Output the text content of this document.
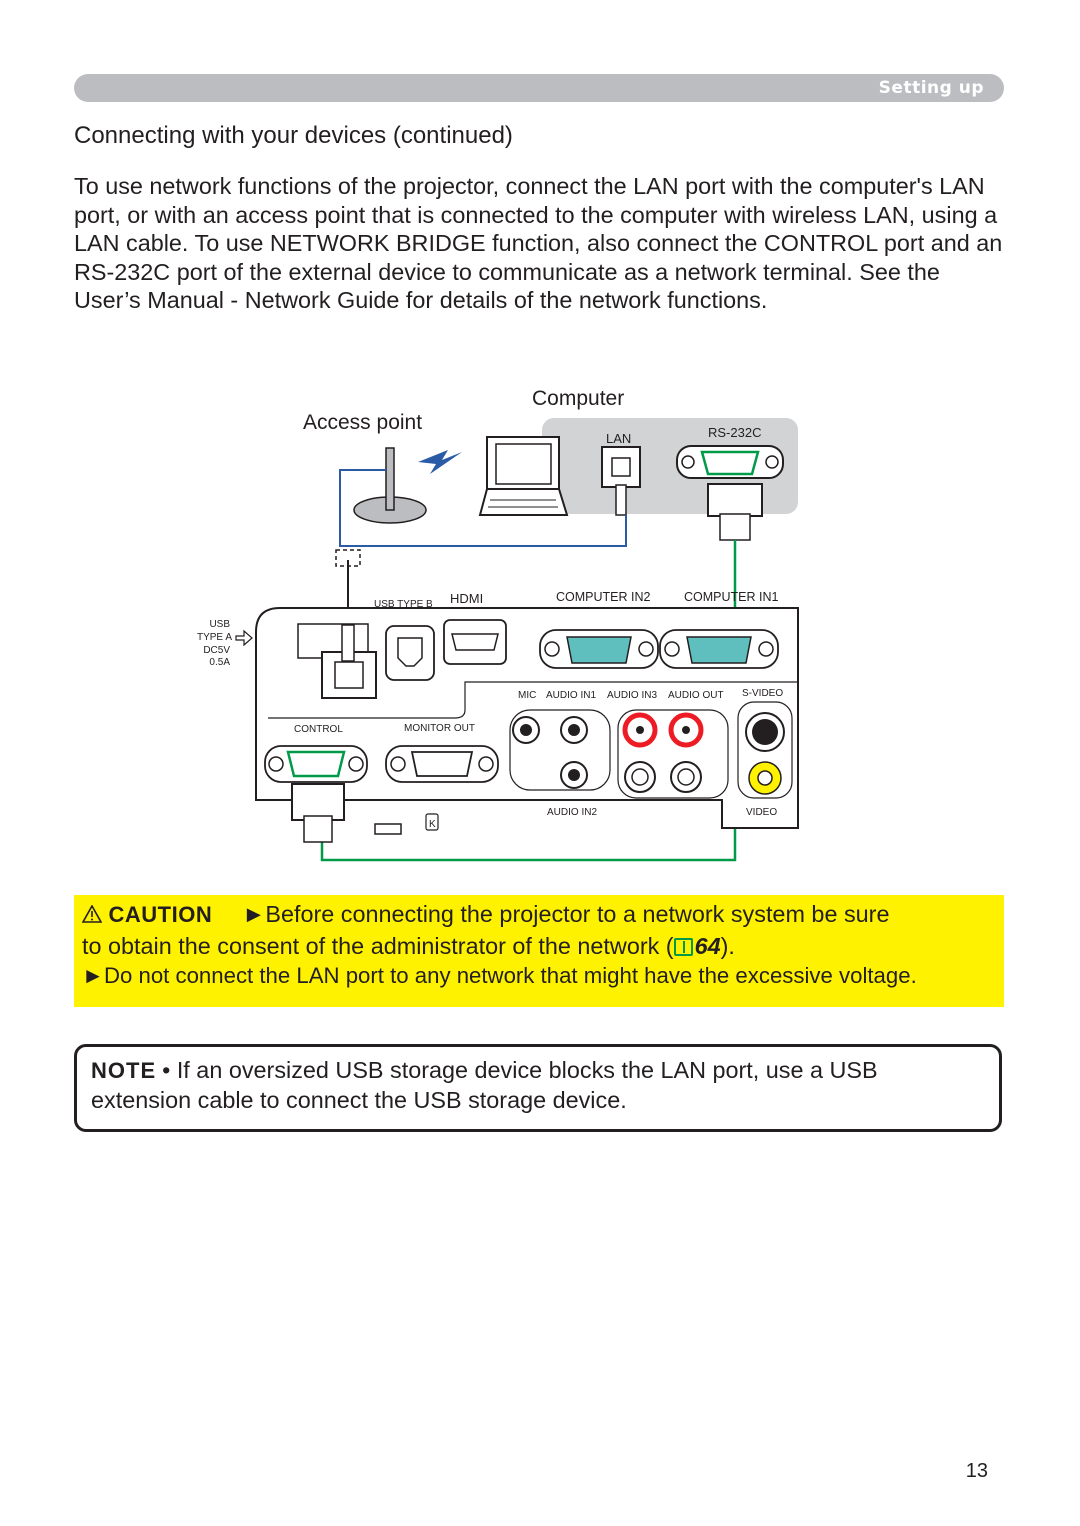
Setting up
Connecting with your devices (continued)

To use network functions of the projector, connect the LAN port with the computer's LAN port, or with an access point that is connected to the computer with wireless LAN, using a LAN cable. To use NETWORK BRIDGE function, also connect the CONTROL port and an RS-232C port of the external device to communicate as a network terminal. See the User’s Manual - Network Guide for details of the network functions.

Computer
Access point
LAN	RS-232C
USB TYPE B HDMI	COMPUTER IN2	COMPUTER IN1
USB
TYPE A
DC5V
0.5A
MIC AUDIO IN1 AUDIO IN3 AUDIO OUT S-VIDEO
CONTROL	MONITOR OUT
AUDIO IN2	VIDEO
K
CAUTION ►Before connecting the projector to a network system be sure
to obtain the consent of the administrator of the network ( 64).
►Do not connect the LAN port to any network that might have the excessive voltage.
NOTE • If an oversized USB storage device blocks the LAN port, use a USB
extension cable to connect the USB storage device.
13
